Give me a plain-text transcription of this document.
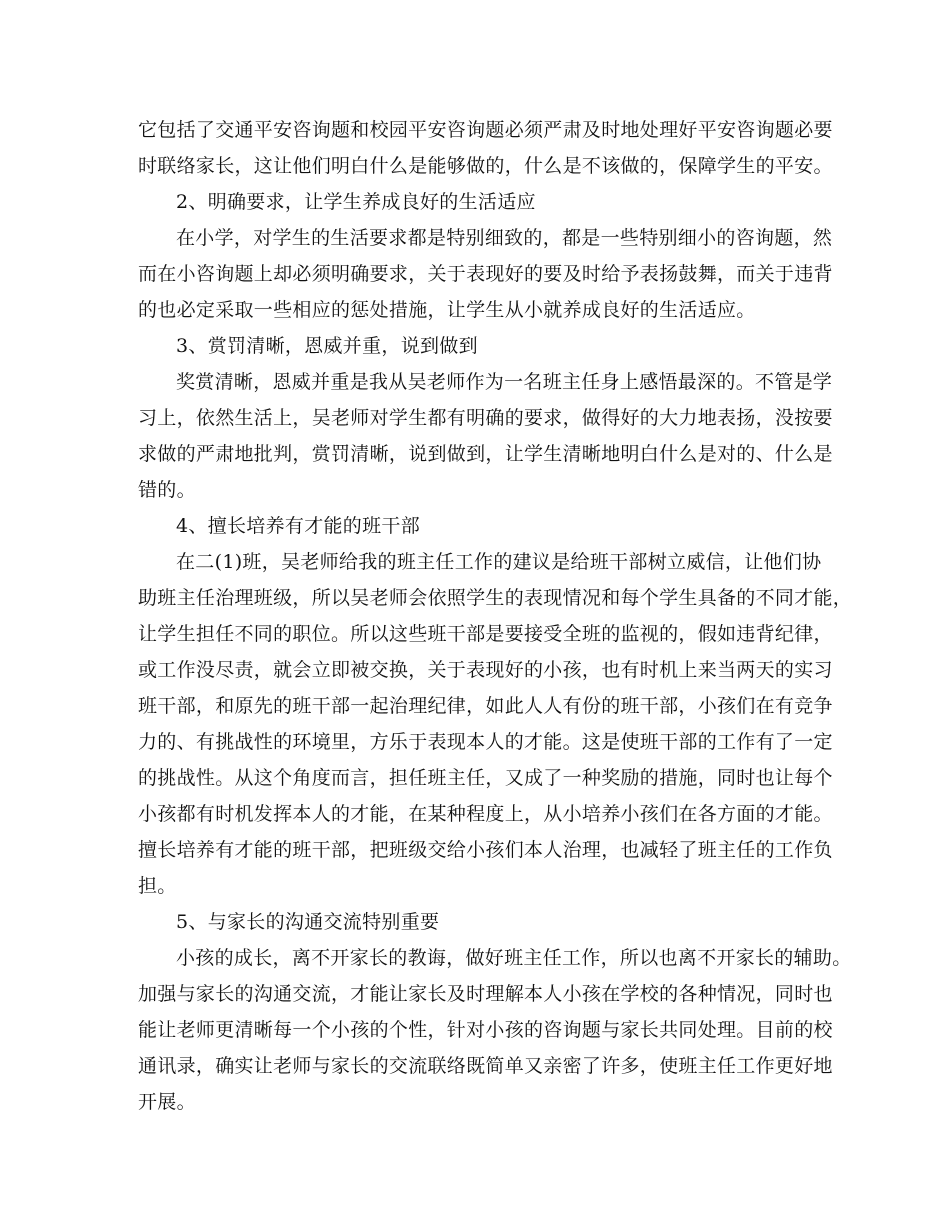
它包括了交通平安咨询题和校园平安咨询题必须严肃及时地处理好平安咨询题必要
时联络家长，这让他们明白什么是能够做的，什么是不该做的，保障学生的平安。
2、明确要求，让学生养成良好的生活适应
在小学，对学生的生活要求都是特别细致的，都是一些特别细小的咨询题，然
而在小咨询题上却必须明确要求，关于表现好的要及时给予表扬鼓舞，而关于违背
的也必定采取一些相应的惩处措施，让学生从小就养成良好的生活适应。
3、赏罚清晰，恩威并重，说到做到
奖赏清晰，恩威并重是我从吴老师作为一名班主任身上感悟最深的。不管是学
习上，依然生活上，吴老师对学生都有明确的要求，做得好的大力地表扬，没按要
求做的严肃地批判，赏罚清晰，说到做到，让学生清晰地明白什么是对的、什么是
错的。
4、擅长培养有才能的班干部
在二(1)班，吴老师给我的班主任工作的建议是给班干部树立威信，让他们协
助班主任治理班级，所以吴老师会依照学生的表现情况和每个学生具备的不同才能，
让学生担任不同的职位。所以这些班干部是要接受全班的监视的，假如违背纪律，
或工作没尽责，就会立即被交换，关于表现好的小孩，也有时机上来当两天的实习
班干部，和原先的班干部一起治理纪律，如此人人有份的班干部，小孩们在有竞争
力的、有挑战性的环境里，方乐于表现本人的才能。这是使班干部的工作有了一定
的挑战性。从这个角度而言，担任班主任，又成了一种奖励的措施，同时也让每个
小孩都有时机发挥本人的才能，在某种程度上，从小培养小孩们在各方面的才能。
擅长培养有才能的班干部，把班级交给小孩们本人治理，也减轻了班主任的工作负
担。
5、与家长的沟通交流特别重要
小孩的成长，离不开家长的教诲，做好班主任工作，所以也离不开家长的辅助。
加强与家长的沟通交流，才能让家长及时理解本人小孩在学校的各种情况，同时也
能让老师更清晰每一个小孩的个性，针对小孩的咨询题与家长共同处理。目前的校
通讯录，确实让老师与家长的交流联络既简单又亲密了许多，使班主任工作更好地
开展。
